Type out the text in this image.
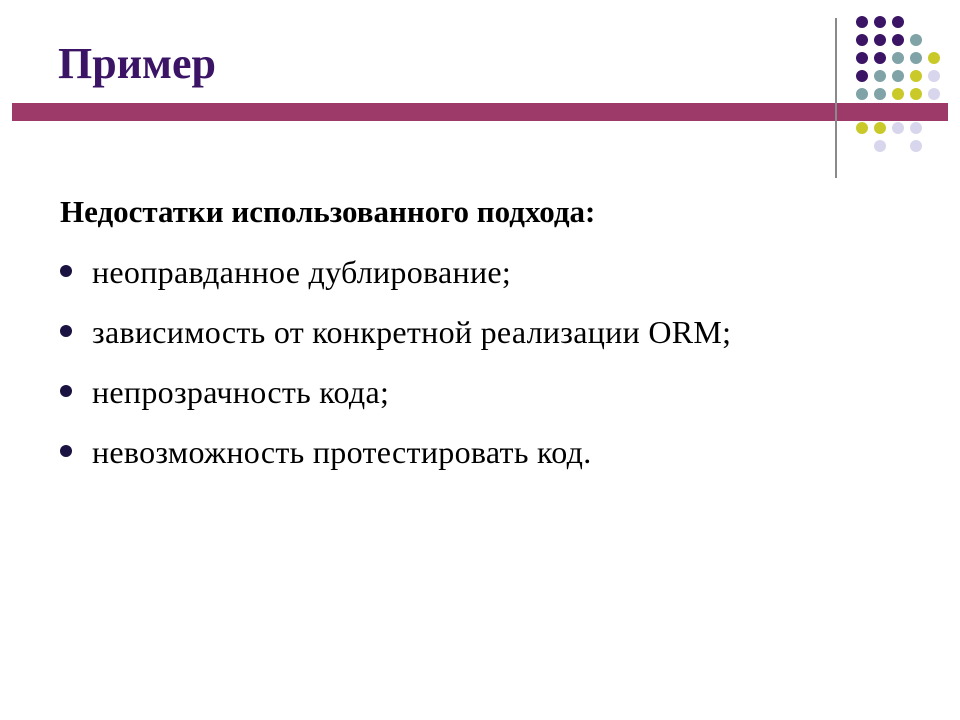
Пример

Недостатки использованного подхода:

неоправданное дублирование;
зависимость от конкретной реализации ORM;
непрозрачность кода;
невозможность протестировать код.
